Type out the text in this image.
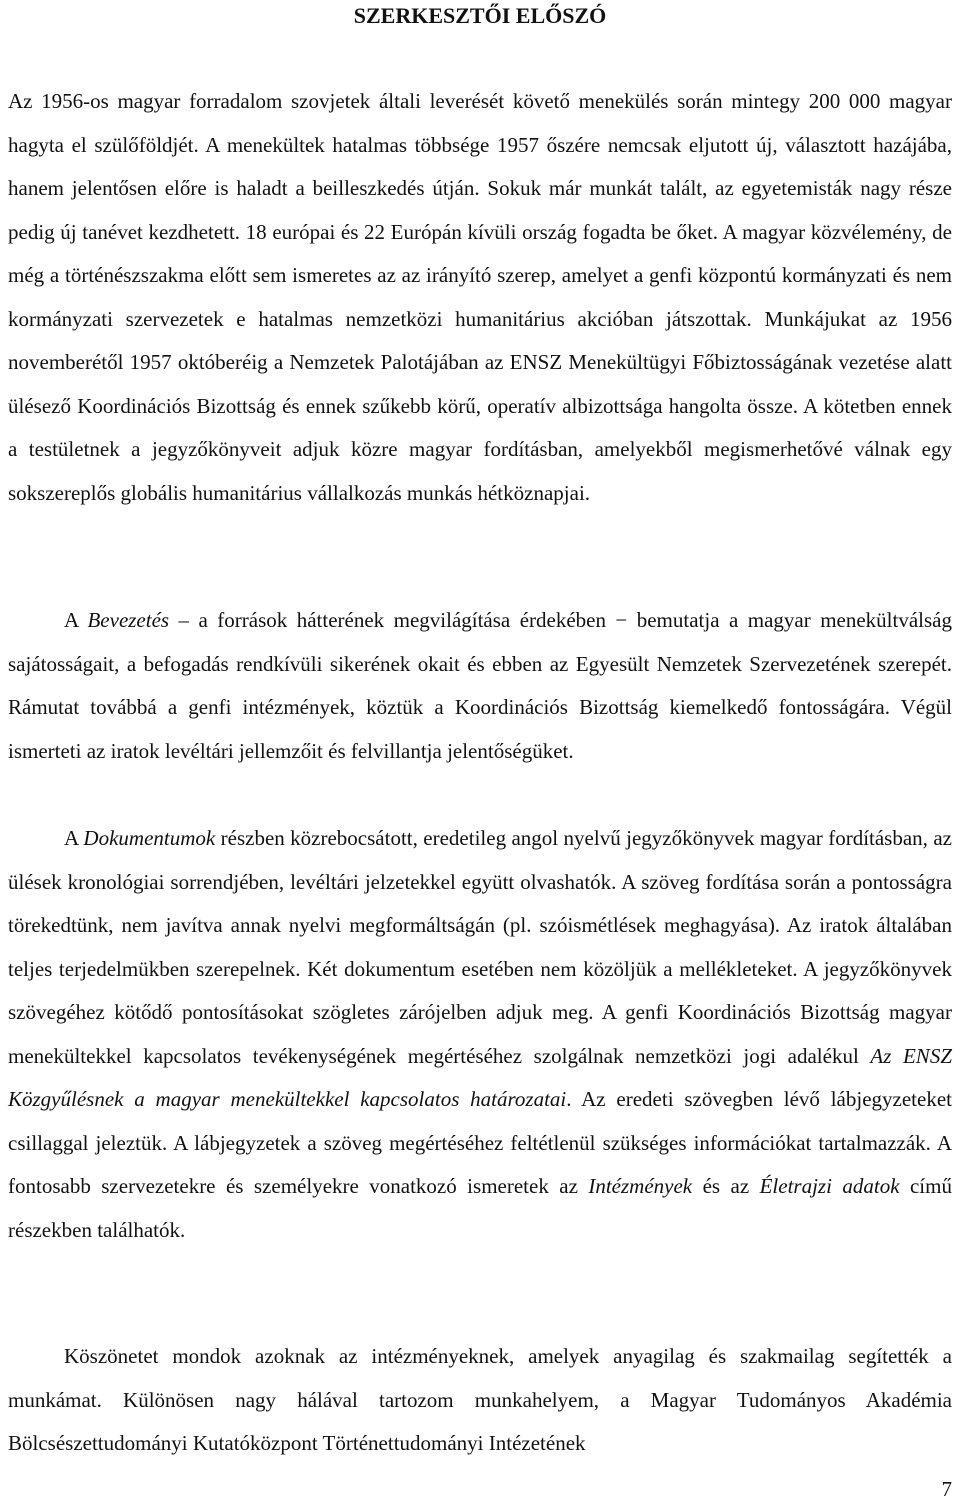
SZERKESZTŐI ELŐSZÓ

Az 1956-os magyar forradalom szovjetek általi leverését követő menekülés során mintegy 200 000 magyar hagyta el szülőföldjét. A menekültek hatalmas többsége 1957 őszére nemcsak eljutott új, választott hazájába, hanem jelentősen előre is haladt a beilleszkedés útján. Sokuk már munkát talált, az egyetemisták nagy része pedig új tanévet kezdhetett. 18 európai és 22 Európán kívüli ország fogadta be őket. A magyar közvélemény, de még a történészszakma előtt sem ismeretes az az irányító szerep, amelyet a genfi központú kormányzati és nem kormányzati szervezetek e hatalmas nemzetközi humanitárius akcióban játszottak. Munkájukat az 1956 novemberétől 1957 októberéig a Nemzetek Palotájában az ENSZ Menekültügyi Főbiztosságának vezetése alatt ülésező Koordinációs Bizottság és ennek szűkebb körű, operatív albizottsága hangolta össze. A kötetben ennek a testületnek a jegyzőkönyveit adjuk közre magyar fordításban, amelyekből megismerhetővé válnak egy sokszereplős globális humanitárius vállalkozás munkás hétköznapjai.

A Bevezetés – a források hátterének megvilágítása érdekében − bemutatja a magyar menekültválság sajátosságait, a befogadás rendkívüli sikerének okait és ebben az Egyesült Nemzetek Szervezetének szerepét. Rámutat továbbá a genfi intézmények, köztük a Koordinációs Bizottság kiemelkedő fontosságára. Végül ismerteti az iratok levéltári jellemzőit és felvillantja jelentőségüket.

A Dokumentumok részben közrebocsátott, eredetileg angol nyelvű jegyzőkönyvek magyar fordításban, az ülések kronológiai sorrendjében, levéltári jelzetekkel együtt olvashatók. A szöveg fordítása során a pontosságra törekedtünk, nem javítva annak nyelvi megformáltságán (pl. szóismétlések meghagyása). Az iratok általában teljes terjedelmükben szerepelnek. Két dokumentum esetében nem közöljük a mellékleteket. A jegyzőkönyvek szövegéhez kötődő pontosításokat szögletes zárójelben adjuk meg. A genfi Koordinációs Bizottság magyar menekültekkel kapcsolatos tevékenységének megértéséhez szolgálnak nemzetközi jogi adalékul Az ENSZ Közgyűlésnek a magyar menekültekkel kapcsolatos határozatai. Az eredeti szövegben lévő lábjegyzeteket csillaggal jeleztük. A lábjegyzetek a szöveg megértéséhez feltétlenül szükséges információkat tartalmazzák. A fontosabb szervezetekre és személyekre vonatkozó ismeretek az Intézmények és az Életrajzi adatok című részekben találhatók.

Köszönetet mondok azoknak az intézményeknek, amelyek anyagilag és szakmailag segítették a munkámat. Különösen nagy hálával tartozom munkahelyem, a Magyar Tudományos Akadémia Bölcsészettudományi Kutatóközpont Történettudományi Intézetének

7
